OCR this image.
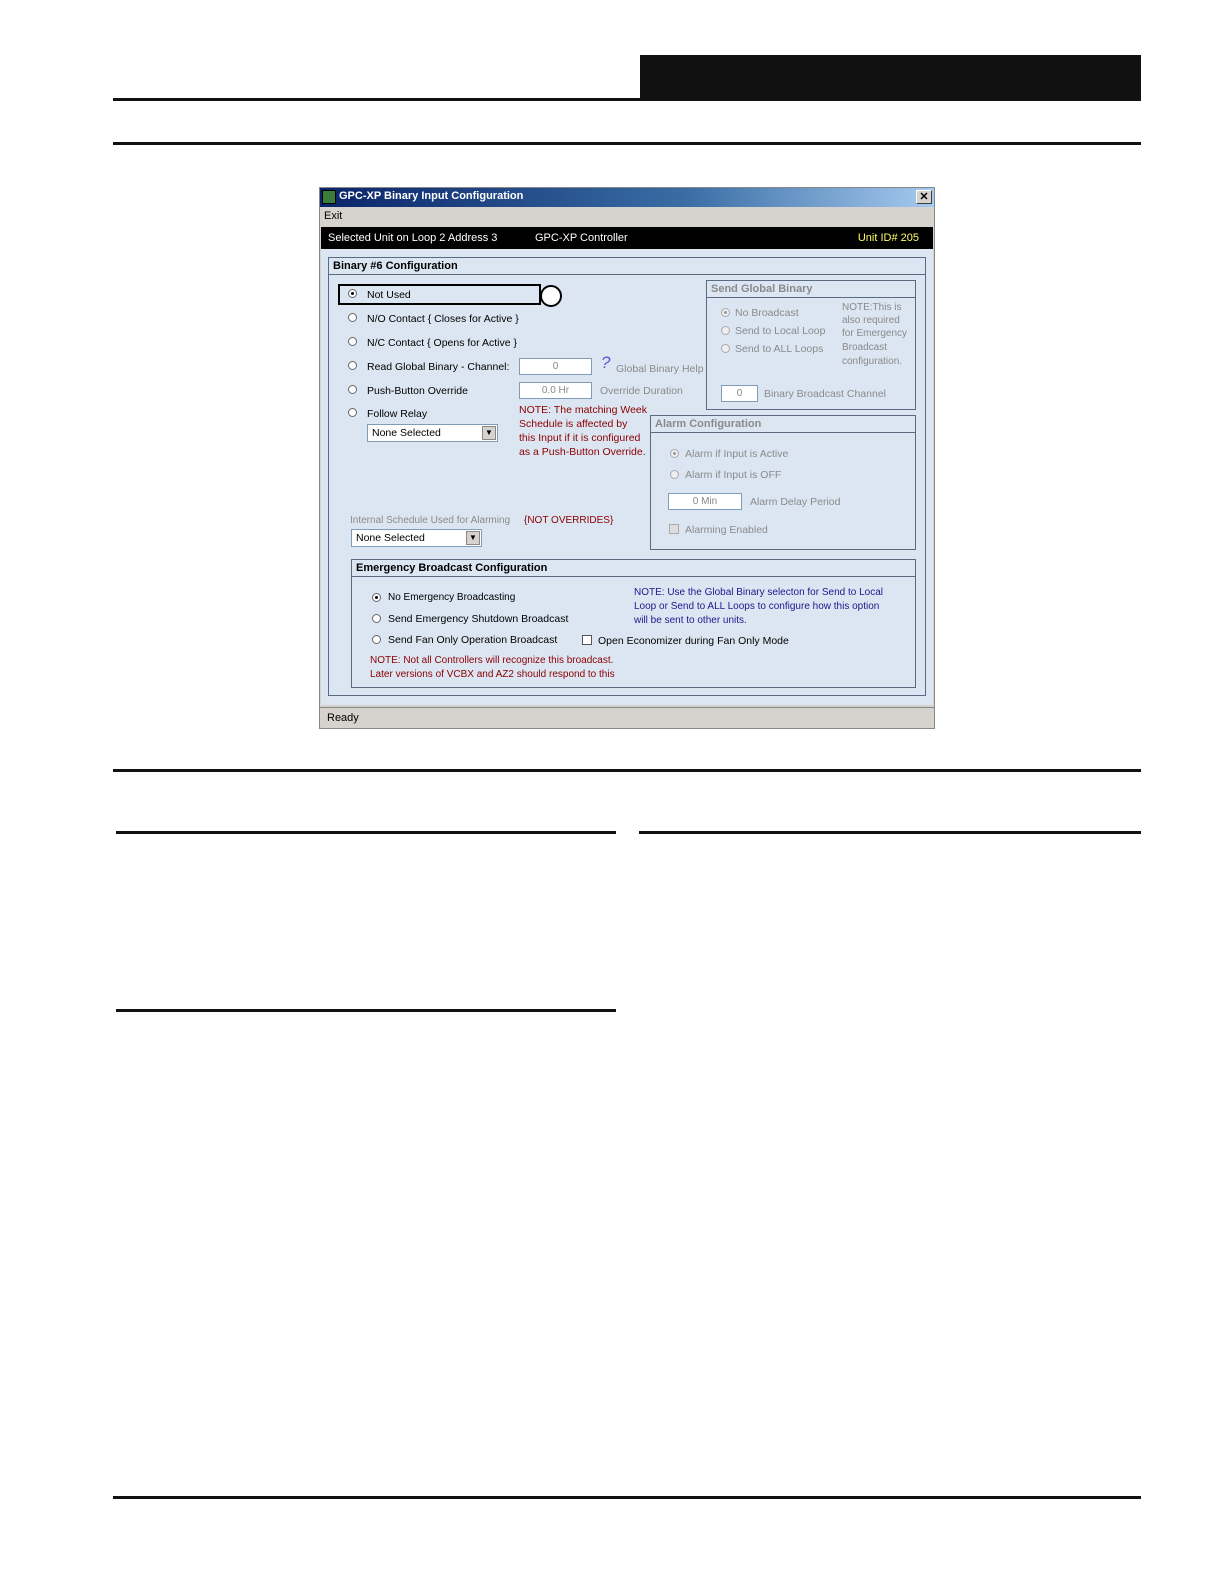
GPC-XP Binary Input Configuration	✕
Exit
Selected Unit on Loop 2 Address 3	GPC-XP Controller	Unit ID# 205
Binary #6 Configuration
Not Used
N/O Contact { Closes for Active }
N/C Contact { Opens for Active }
Read Global Binary - Channel:	0	? Global Binary Help
Push-Button Override	0.0 Hr	Override Duration
Follow Relay
None Selected	▼
NOTE: The matching Week
Schedule is affected by
this Input if it is configured
as a Push-Button Override.
Internal Schedule Used for Alarming {NOT OVERRIDES}
None Selected	▼
Send Global Binary
No Broadcast
Send to Local Loop
Send to ALL Loops
NOTE:This is
also required
for Emergency
Broadcast
configuration.
0	Binary Broadcast Channel
Alarm Configuration
Alarm if Input is Active
Alarm if Input is OFF
0 Min	Alarm Delay Period
Alarming Enabled
Emergency Broadcast Configuration
No Emergency Broadcasting
Send Emergency Shutdown Broadcast
Send Fan Only Operation Broadcast	Open Economizer during Fan Only Mode
NOTE: Use the Global Binary selecton for Send to Local
Loop or Send to ALL Loops to configure how this option
will be sent to other units.
NOTE: Not all Controllers will recognize this broadcast.
Later versions of VCBX and AZ2 should respond to this
Ready
